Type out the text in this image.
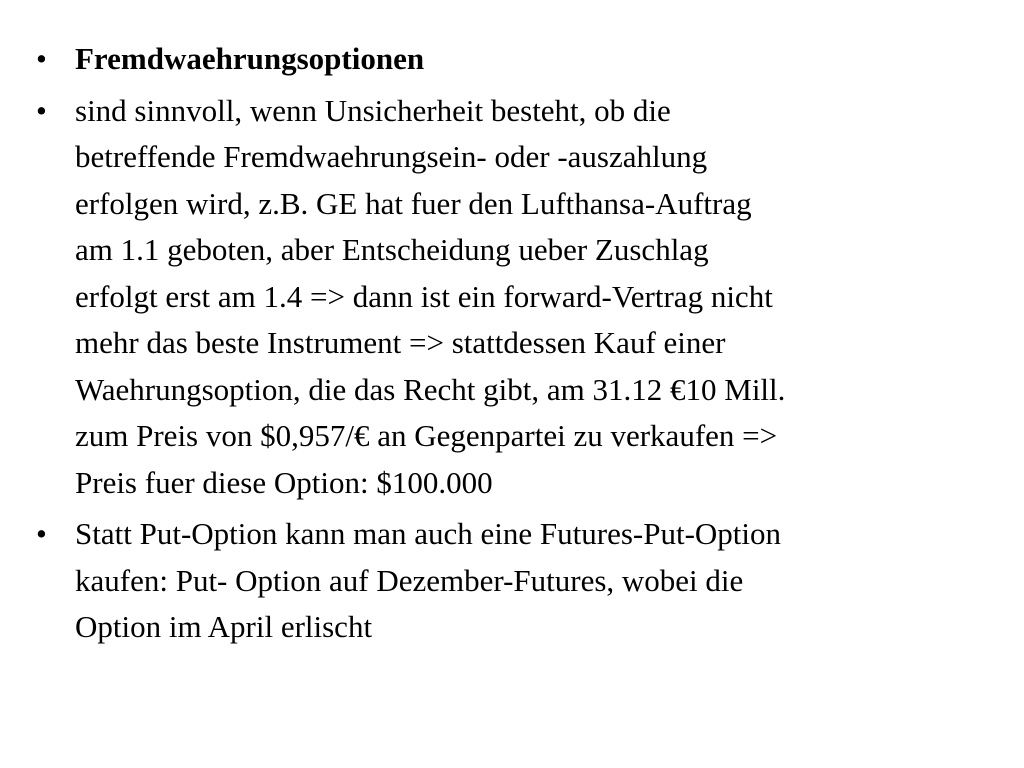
• Fremdwaehrungsoptionen
• sind sinnvoll, wenn Unsicherheit besteht, ob die
betreffende Fremdwaehrungsein- oder -auszahlung
erfolgen wird, z.B. GE hat fuer den Lufthansa-Auftrag
am 1.1 geboten, aber Entscheidung ueber Zuschlag
erfolgt erst am 1.4 => dann ist ein forward-Vertrag nicht
mehr das beste Instrument => stattdessen Kauf einer
Waehrungsoption, die das Recht gibt, am 31.12 €10 Mill.
zum Preis von $0,957/€ an Gegenpartei zu verkaufen =>
Preis fuer diese Option: $100.000
• Statt Put-Option kann man auch eine Futures-Put-Option
kaufen: Put- Option auf Dezember-Futures, wobei die
Option im April erlischt
